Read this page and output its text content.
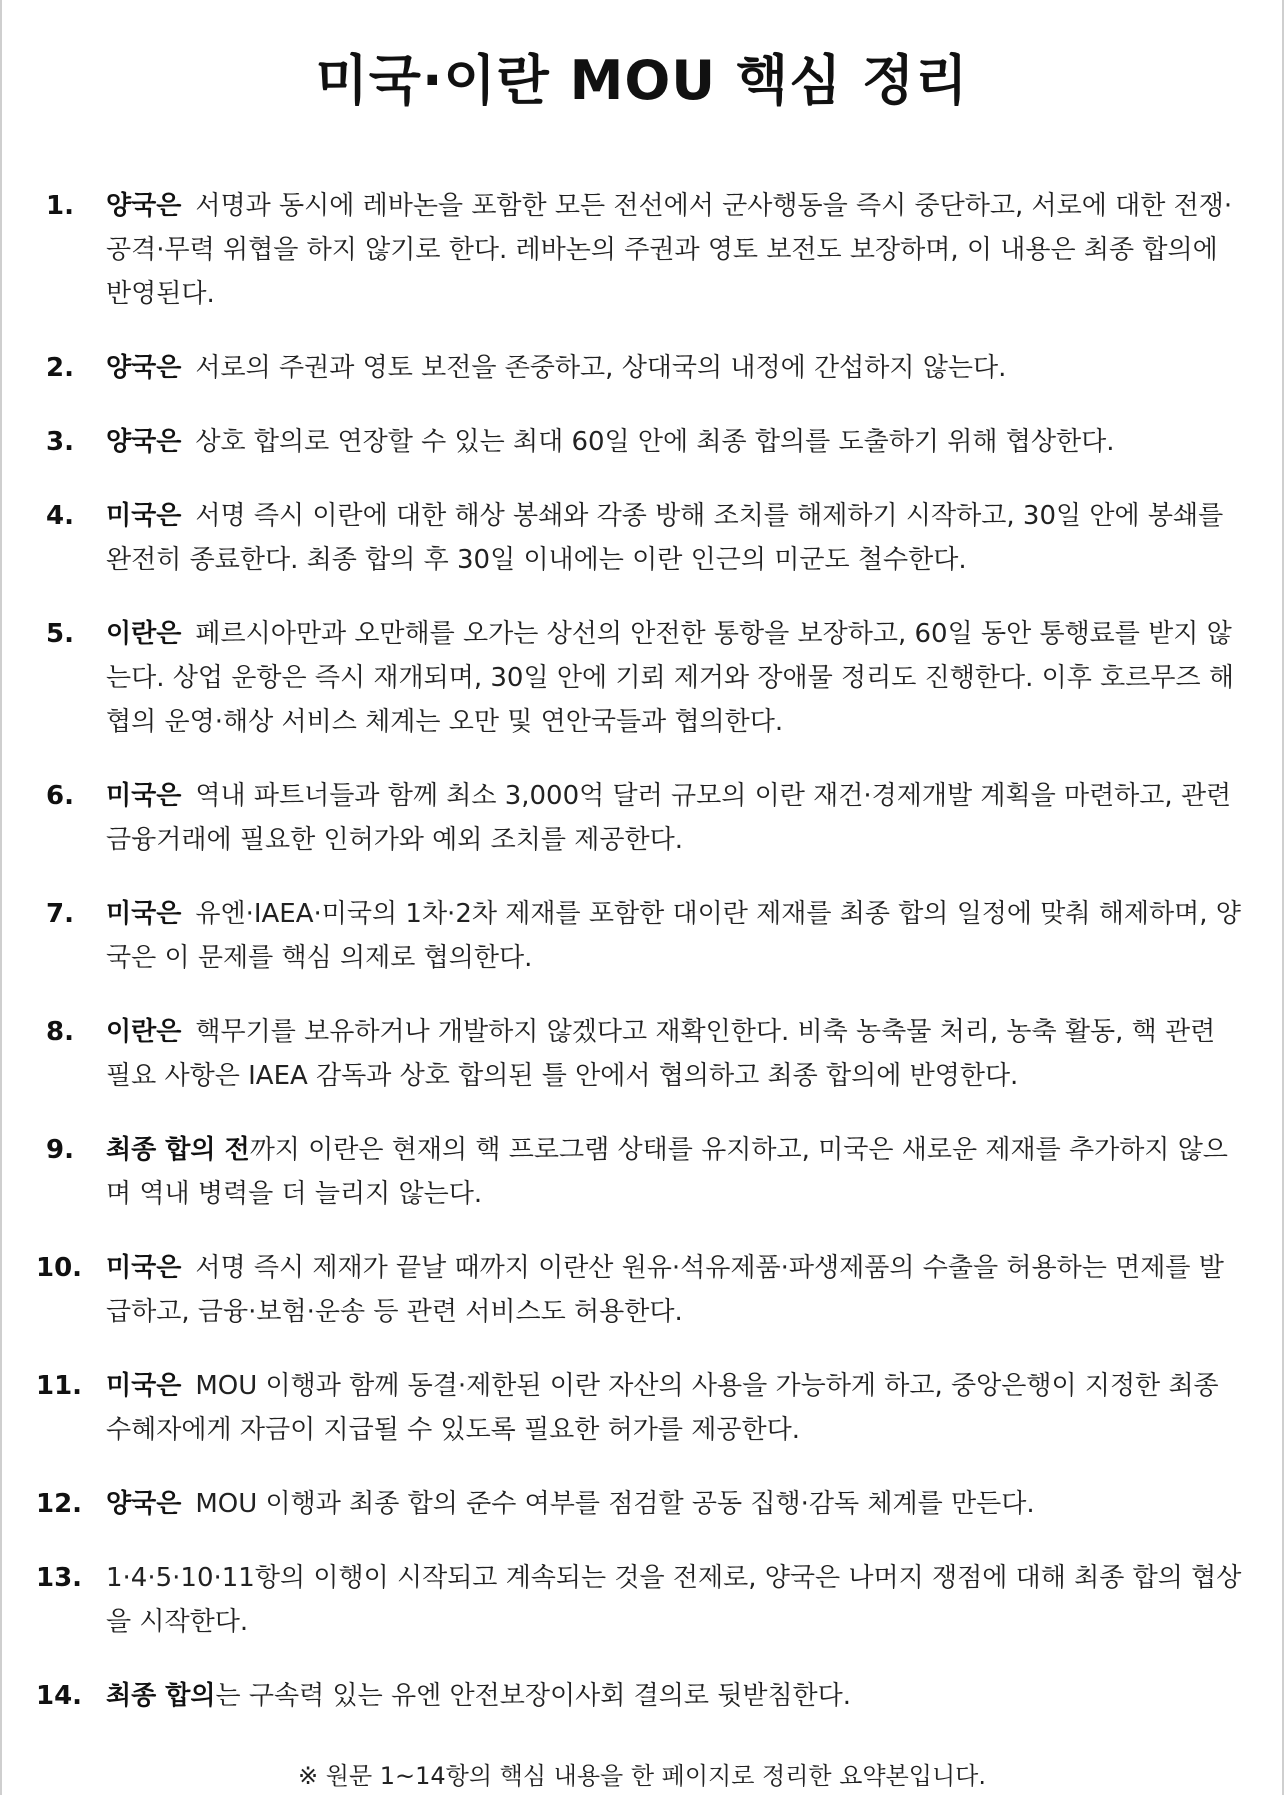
미국·이란 MOU 핵심 정리
1.	양국은 서명과 동시에 레바논을 포함한 모든 전선에서 군사행동을 즉시 중단하고, 서로에 대한 전쟁·공격·무력 위협을 하지 않기로 한다. 레바논의 주권과 영토 보전도 보장하며, 이 내용은 최종 합의에 반영된다.
2.	양국은 서로의 주권과 영토 보전을 존중하고, 상대국의 내정에 간섭하지 않는다.
3.	양국은 상호 합의로 연장할 수 있는 최대 60일 안에 최종 합의를 도출하기 위해 협상한다.
4.	미국은 서명 즉시 이란에 대한 해상 봉쇄와 각종 방해 조치를 해제하기 시작하고, 30일 안에 봉쇄를 완전히 종료한다. 최종 합의 후 30일 이내에는 이란 인근의 미군도 철수한다.
5.	이란은 페르시아만과 오만해를 오가는 상선의 안전한 통항을 보장하고, 60일 동안 통행료를 받지 않는다. 상업 운항은 즉시 재개되며, 30일 안에 기뢰 제거와 장애물 정리도 진행한다. 이후 호르무즈 해협의 운영·해상 서비스 체계는 오만 및 연안국들과 협의한다.
6.	미국은 역내 파트너들과 함께 최소 3,000억 달러 규모의 이란 재건·경제개발 계획을 마련하고, 관련 금융거래에 필요한 인허가와 예외 조치를 제공한다.
7.	미국은 유엔·IAEA·미국의 1차·2차 제재를 포함한 대이란 제재를 최종 합의 일정에 맞춰 해제하며, 양국은 이 문제를 핵심 의제로 협의한다.
8.	이란은 핵무기를 보유하거나 개발하지 않겠다고 재확인한다. 비축 농축물 처리, 농축 활동, 핵 관련 필요 사항은 IAEA 감독과 상호 합의된 틀 안에서 협의하고 최종 합의에 반영한다.
9.	최종 합의 전까지 이란은 현재의 핵 프로그램 상태를 유지하고, 미국은 새로운 제재를 추가하지 않으며 역내 병력을 더 늘리지 않는다.
10. 미국은 서명 즉시 제재가 끝날 때까지 이란산 원유·석유제품·파생제품의 수출을 허용하는 면제를 발급하고, 금융·보험·운송 등 관련 서비스도 허용한다.
11. 미국은 MOU 이행과 함께 동결·제한된 이란 자산의 사용을 가능하게 하고, 중앙은행이 지정한 최종 수혜자에게 자금이 지급될 수 있도록 필요한 허가를 제공한다.
12. 양국은 MOU 이행과 최종 합의 준수 여부를 점검할 공동 집행·감독 체계를 만든다.
13. 1·4·5·10·11항의 이행이 시작되고 계속되는 것을 전제로, 양국은 나머지 쟁점에 대해 최종 합의 협상을 시작한다.
14. 최종 합의는 구속력 있는 유엔 안전보장이사회 결의로 뒷받침한다.

※ 원문 1~14항의 핵심 내용을 한 페이지로 정리한 요약본입니다.
